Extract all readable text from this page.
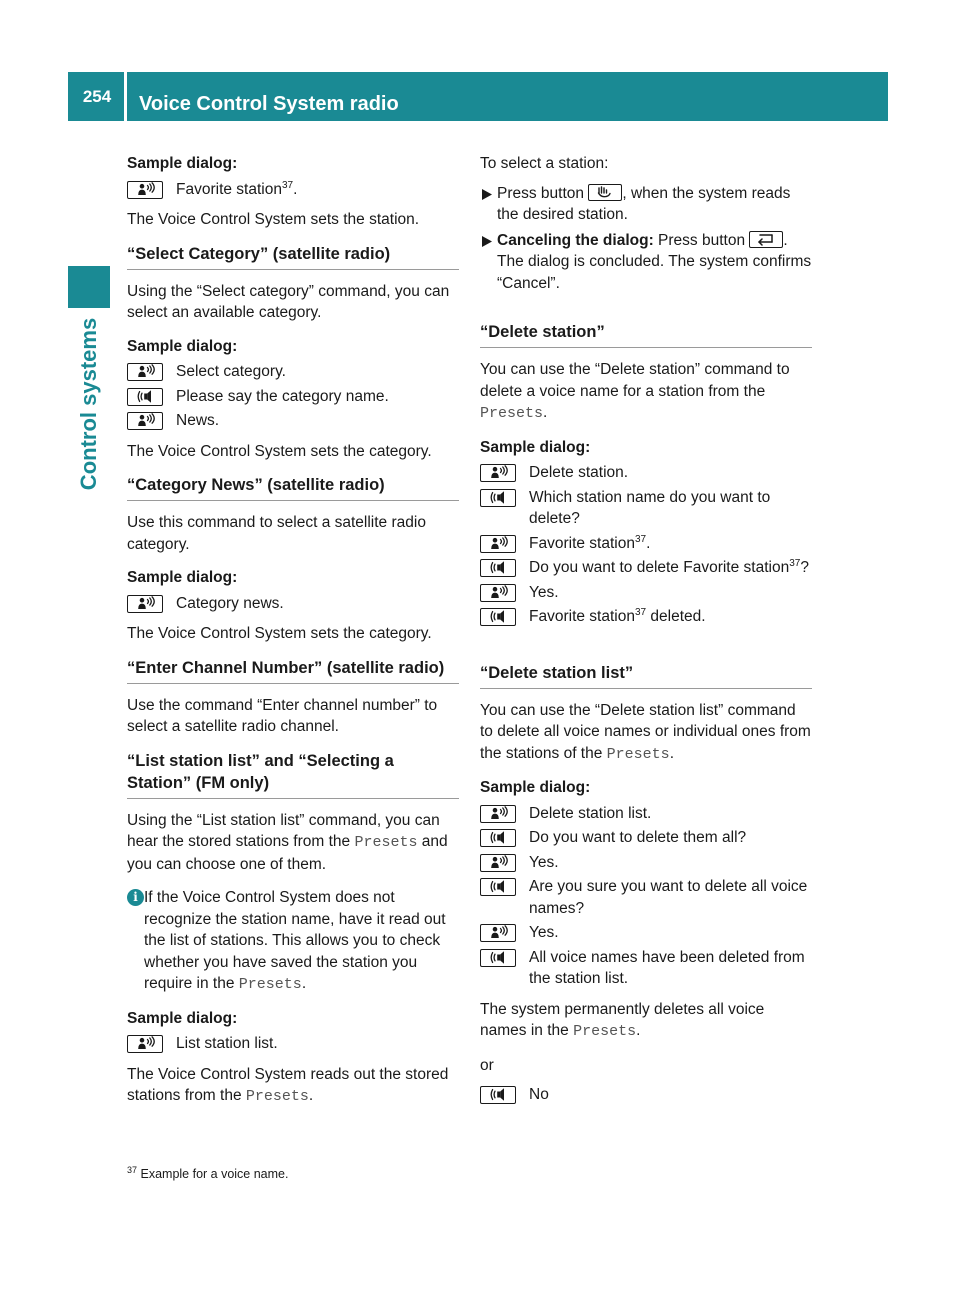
254	Voice Control System radio
Control systems
Sample dialog:
Favorite station$^{37}$.
The Voice Control System sets the station.
“Select Category” (satellite radio)
Using the “Select category” command, you can select an available category.
Sample dialog:
Select category.
Please say the category name.
News.
The Voice Control System sets the category.
“Category News” (satellite radio)
Use this command to select a satellite radio category.
Sample dialog:
Category news.
The Voice Control System sets the category.
“Enter Channel Number” (satellite radio)
Use the command “Enter channel number” to select a satellite radio channel.
“List station list” and “Selecting a Station” (FM only)
Using the “List station list” command, you can hear the stored stations from the Presets and you can choose one of them.
i If the Voice Control System does not recognize the station name, have it read out the list of stations. This allows you to check whether you have saved the station you require in the Presets.
Sample dialog:
List station list.
The Voice Control System reads out the stored stations from the Presets.
To select a station:
Press button , when the system reads the desired station.
Canceling the dialog: Press button .
The dialog is concluded. The system confirms “Cancel”.
“Delete station”
You can use the “Delete station” command to delete a voice name for a station from the Presets.
Sample dialog:
Delete station.
Which station name do you want to delete?
Favorite station$^{37}$.
Do you want to delete Favorite station$^{37}$?
Yes.
Favorite station$^{37}$ deleted.
“Delete station list”
You can use the “Delete station list” command to delete all voice names or individual ones from the stations of the Presets.
Sample dialog:
Delete station list.
Do you want to delete them all?
Yes.
Are you sure you want to delete all voice names?
Yes.
All voice names have been deleted from the station list.
The system permanently deletes all voice names in the Presets.
or
No
$^{37}$ Example for a voice name.
